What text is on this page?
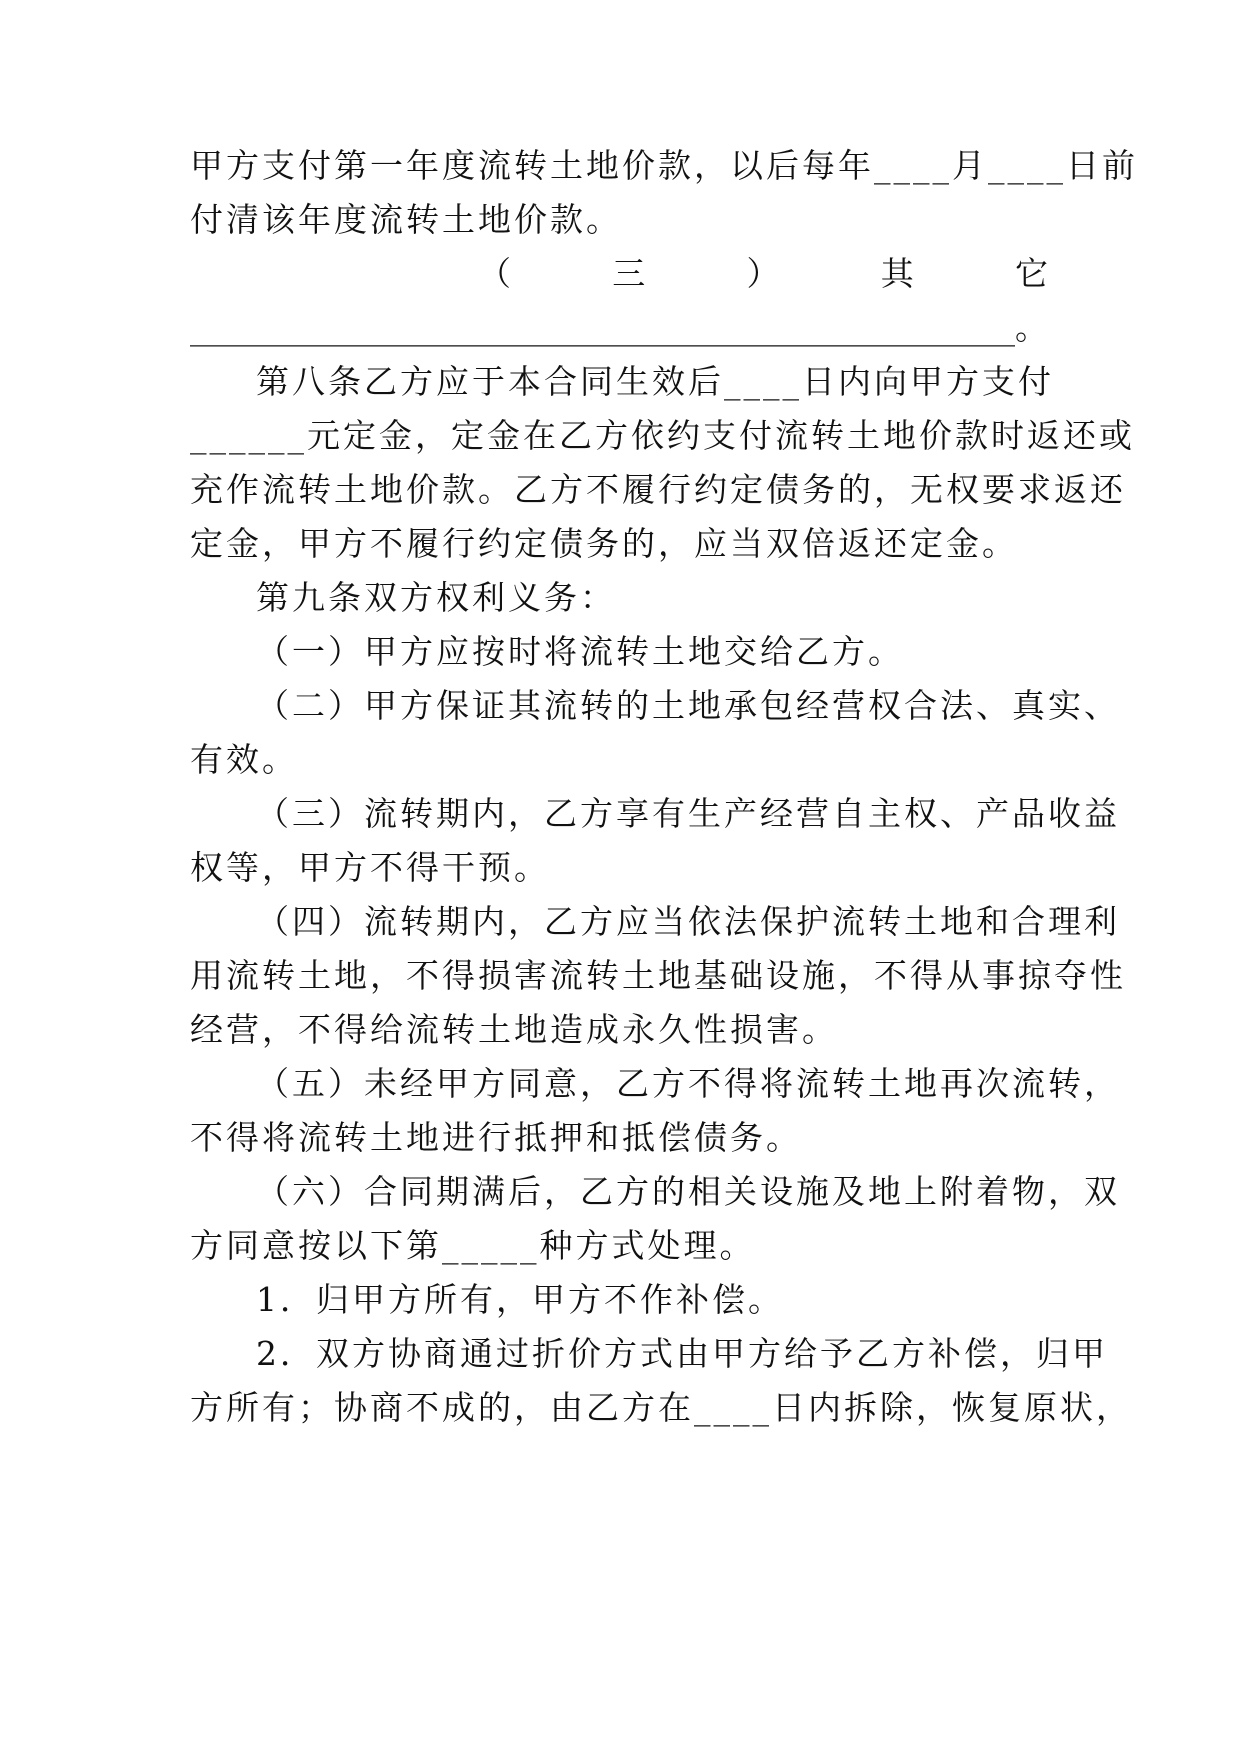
甲方支付第一年度流转土地价款，以后每年____月____日前
付清该年度流转土地价款。
（	三	）	其	它
__________________________________________________。
第八条乙方应于本合同生效后____日内向甲方支付
______元定金，定金在乙方依约支付流转土地价款时返还或
充作流转土地价款。乙方不履行约定债务的，无权要求返还
定金，甲方不履行约定债务的，应当双倍返还定金。
第九条双方权利义务：
（一）甲方应按时将流转土地交给乙方。
（二）甲方保证其流转的土地承包经营权合法、真实、
有效。
（三）流转期内，乙方享有生产经营自主权、产品收益
权等，甲方不得干预。
（四）流转期内，乙方应当依法保护流转土地和合理利
用流转土地，不得损害流转土地基础设施，不得从事掠夺性
经营，不得给流转土地造成永久性损害。
（五）未经甲方同意，乙方不得将流转土地再次流转，
不得将流转土地进行抵押和抵偿债务。
（六）合同期满后，乙方的相关设施及地上附着物，双
方同意按以下第_____种方式处理。
1．归甲方所有，甲方不作补偿。
2．双方协商通过折价方式由甲方给予乙方补偿，归甲
方所有；协商不成的，由乙方在____日内拆除，恢复原状，
